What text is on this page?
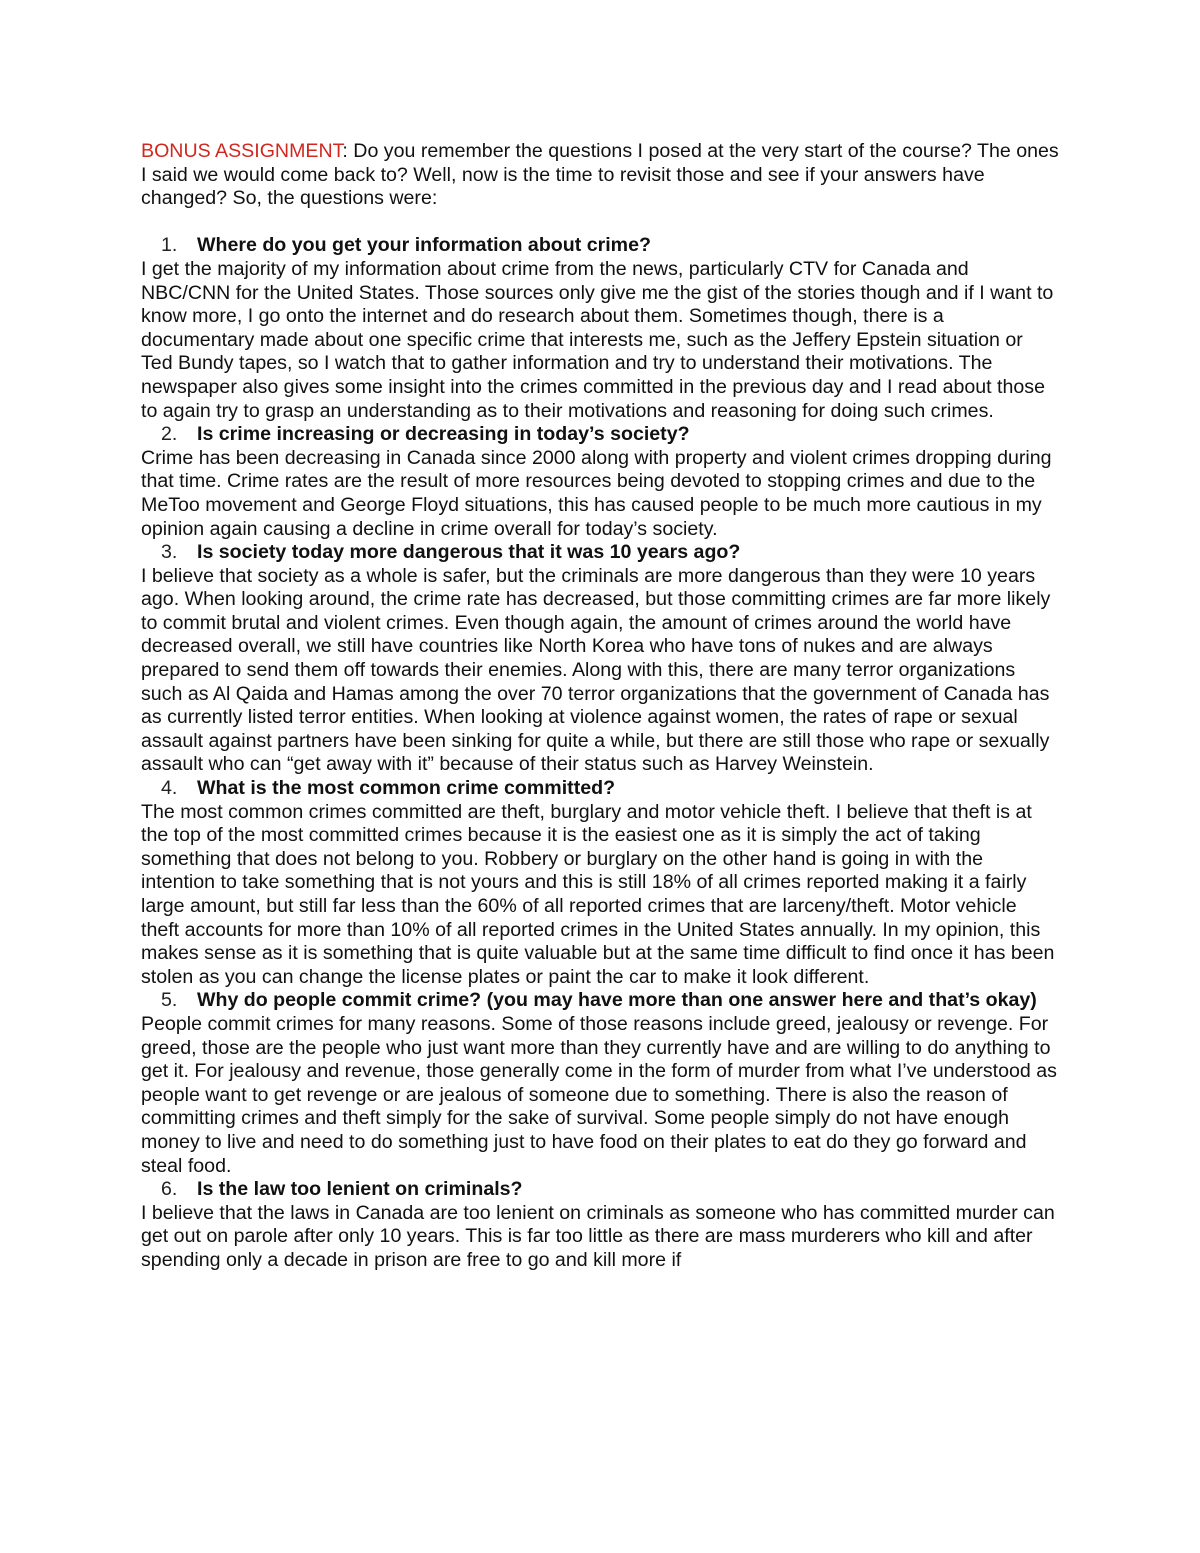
BONUS ASSIGNMENT: Do you remember the questions I posed at the very start of the course? The ones I said we would come back to? Well, now is the time to revisit those and see if your answers have changed? So, the questions were:

1.	Where do you get your information about crime?

I get the majority of my information about crime from the news, particularly CTV for Canada and NBC/CNN for the United States. Those sources only give me the gist of the stories though and if I want to know more, I go onto the internet and do research about them. Sometimes though, there is a documentary made about one specific crime that interests me, such as the Jeffery Epstein situation or Ted Bundy tapes, so I watch that to gather information and try to understand their motivations. The newspaper also gives some insight into the crimes committed in the previous day and I read about those to again try to grasp an understanding as to their motivations and reasoning for doing such crimes.

2.	Is crime increasing or decreasing in today’s society?

Crime has been decreasing in Canada since 2000 along with property and violent crimes dropping during that time. Crime rates are the result of more resources being devoted to stopping crimes and due to the MeToo movement and George Floyd situations, this has caused people to be much more cautious in my opinion again causing a decline in crime overall for today’s society.

3.	Is society today more dangerous that it was 10 years ago?

I believe that society as a whole is safer, but the criminals are more dangerous than they were 10 years ago. When looking around, the crime rate has decreased, but those committing crimes are far more likely to commit brutal and violent crimes. Even though again, the amount of crimes around the world have decreased overall, we still have countries like North Korea who have tons of nukes and are always prepared to send them off towards their enemies. Along with this, there are many terror organizations such as Al Qaida and Hamas among the over 70 terror organizations that the government of Canada has as currently listed terror entities. When looking at violence against women, the rates of rape or sexual assault against partners have been sinking for quite a while, but there are still those who rape or sexually assault who can “get away with it” because of their status such as Harvey Weinstein.

4.	What is the most common crime committed?

The most common crimes committed are theft, burglary and motor vehicle theft. I believe that theft is at the top of the most committed crimes because it is the easiest one as it is simply the act of taking something that does not belong to you. Robbery or burglary on the other hand is going in with the intention to take something that is not yours and this is still 18% of all crimes reported making it a fairly large amount, but still far less than the 60% of all reported crimes that are larceny/theft. Motor vehicle theft accounts for more than 10% of all reported crimes in the United States annually. In my opinion, this makes sense as it is something that is quite valuable but at the same time difficult to find once it has been stolen as you can change the license plates or paint the car to make it look different.

5.	Why do people commit crime? (you may have more than one answer here and that’s okay)

People commit crimes for many reasons. Some of those reasons include greed, jealousy or revenge. For greed, those are the people who just want more than they currently have and are willing to do anything to get it. For jealousy and revenue, those generally come in the form of murder from what I’ve understood as people want to get revenge or are jealous of someone due to something. There is also the reason of committing crimes and theft simply for the sake of survival. Some people simply do not have enough money to live and need to do something just to have food on their plates to eat do they go forward and steal food.

6.	Is the law too lenient on criminals?

I believe that the laws in Canada are too lenient on criminals as someone who has committed murder can get out on parole after only 10 years. This is far too little as there are mass murderers who kill and after spending only a decade in prison are free to go and kill more if
